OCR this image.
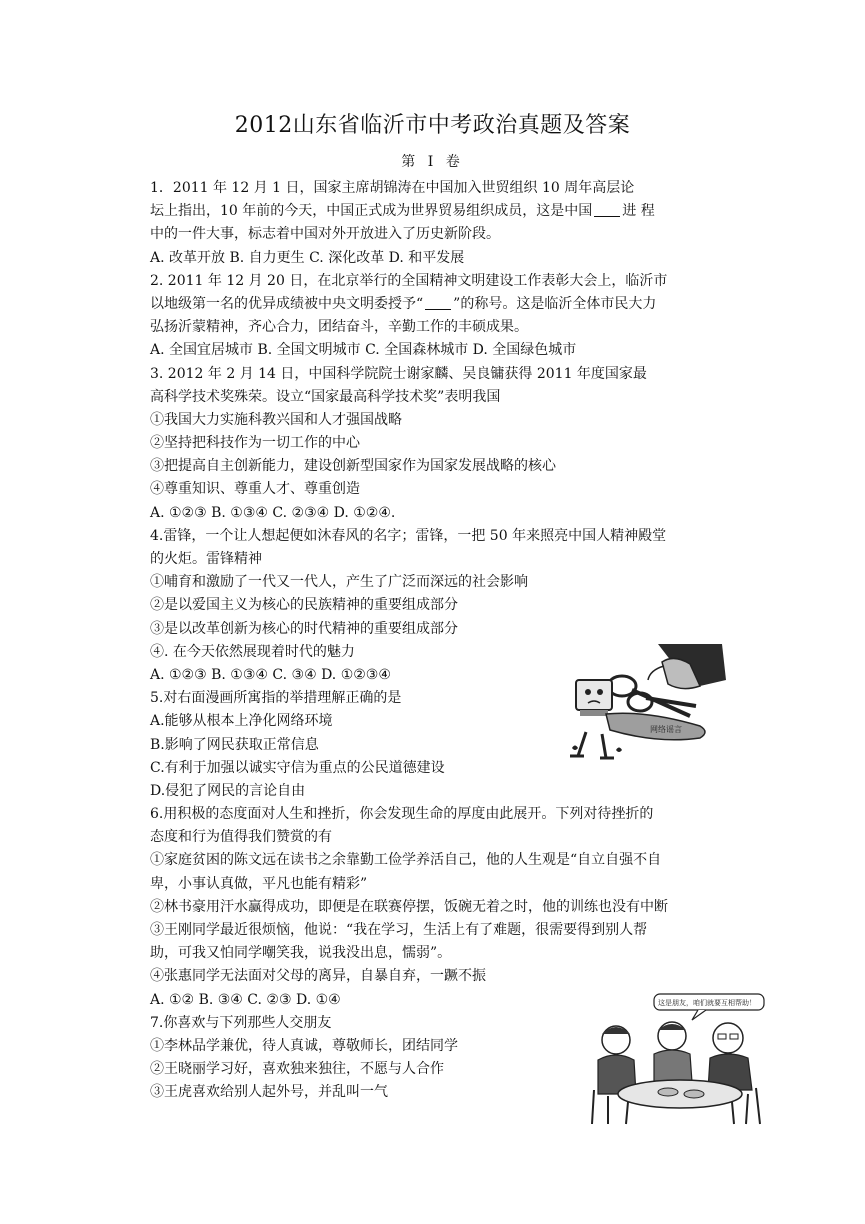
2012山东省临沂市中考政治真题及答案
第 I 卷
1．2011 年 12 月 1 日，国家主席胡锦涛在中国加入世贸组织 10 周年高层论
坛上指出，10 年前的今天，中国正式成为世界贸易组织成员，这是中国 进 程
中的一件大事，标志着中国对外开放进入了历史新阶段。
A. 改革开放 B. 自力更生 C. 深化改革 D. 和平发展
2. 2011 年 12 月 20 日，在北京举行的全国精神文明建设工作表彰大会上，临沂市
以地级第一名的优异成绩被中央文明委授予“ ”的称号。这是临沂全体市民大力
弘扬沂蒙精神，齐心合力，团结奋斗，辛勤工作的丰硕成果。
A. 全国宜居城市 B. 全国文明城市 C. 全国森林城市 D. 全国绿色城市
3. 2012 年 2 月 14 日，中国科学院院士谢家麟、吴良镛获得 2011 年度国家最
高科学技术奖殊荣。设立“国家最高科学技术奖”表明我国
①我国大力实施科教兴国和人才强国战略
②坚持把科技作为一切工作的中心
③把提高自主创新能力，建设创新型国家作为国家发展战略的核心
④尊重知识、尊重人才、尊重创造
A. ①②③ B. ①③④ C. ②③④ D. ①②④.
4.雷锋，一个让人想起便如沐春风的名字；雷锋，一把 50 年来照亮中国人精神殿堂
的火炬。雷锋精神
①哺育和激励了一代又一代人，产生了广泛而深远的社会影响
②是以爱国主义为核心的民族精神的重要组成部分
③是以改革创新为核心的时代精神的重要组成部分
④. 在今天依然展现着时代的魅力
A. ①②③ B. ①③④ C. ③④ D. ①②③④
5.对右面漫画所寓指的举措理解正确的是
A.能够从根本上净化网络环境
B.影响了网民获取正常信息
C.有利于加强以诚实守信为重点的公民道德建设
D.侵犯了网民的言论自由
6.用积极的态度面对人生和挫折，你会发现生命的厚度由此展开。下列对待挫折的
态度和行为值得我们赞赏的有
①家庭贫困的陈文远在读书之余靠勤工俭学养活自己，他的人生观是“自立自强不自
卑，小事认真做，平凡也能有精彩”
②林书豪用汗水赢得成功，即便是在联赛停摆，饭碗无着之时，他的训练也没有中断
③王刚同学最近很烦恼，他说：“我在学习，生活上有了难题，很需要得到别人帮
助，可我又怕同学嘲笑我，说我没出息，懦弱”。
④张惠同学无法面对父母的离异，自暴自弃，一蹶不振
A. ①② B. ③④ C. ②③ D. ①④
7.你喜欢与下列那些人交朋友
①李林品学兼优，待人真诚，尊敬师长，团结同学
②王晓丽学习好，喜欢独来独往，不愿与人合作
③王虎喜欢给别人起外号，并乱叫一气
网络谣言
这是朋友，咱们就要互相帮助！
